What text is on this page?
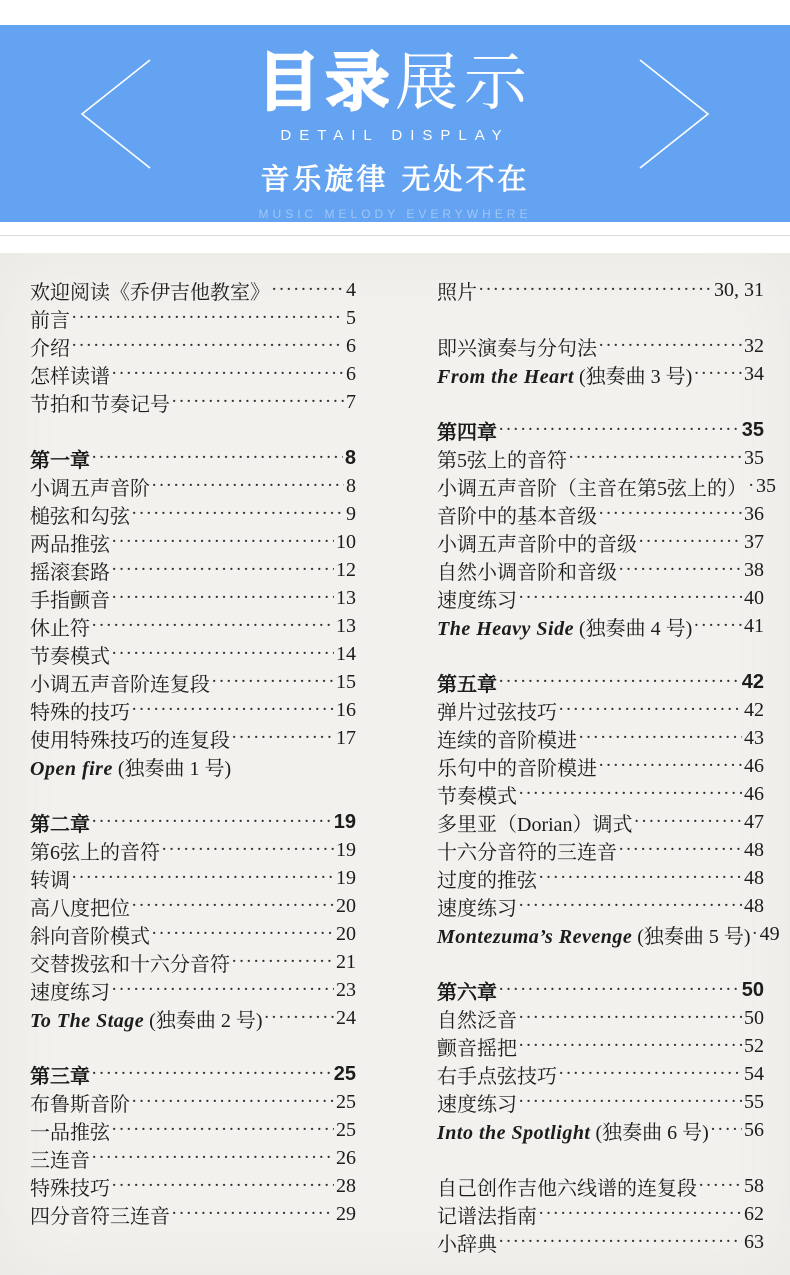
目录展示
DETAIL DISPLAY
音乐旋律 无处不在
MUSIC MELODY EVERYWHERE
欢迎阅读《乔伊吉他教室》 ·····	4
前言 ·····	5
介绍 ·····	6
怎样读谱 ·····	6
节拍和节奏记号 ·····	7
第一章 ·····	8
小调五声音阶 ·····	8
槌弦和勾弦 ·····	9
两品推弦 ·····	10
摇滚套路 ·····	12
手指颤音 ·····	13
休止符 ·····	13
节奏模式 ·····	14
小调五声音阶连复段 ·····	15
特殊的技巧 ·····	16
使用特殊技巧的连复段 ·····	17
Open fire (独奏曲 1 号)
第二章 ·····	19
第6弦上的音符 ·····	19
转调 ·····	19
高八度把位 ·····	20
斜向音阶模式 ·····	20
交替拨弦和十六分音符 ·····	21
速度练习 ·····	23
To The Stage (独奏曲 2 号) ·····	24
第三章 ·····	25
布鲁斯音阶 ·····	25
一品推弦 ·····	25
三连音 ·····	26
特殊技巧 ·····	28
四分音符三连音 ·····	29
照片 ·····	30, 31
即兴演奏与分句法 ·····	32
From the Heart (独奏曲 3 号) ·····	34
第四章 ·····	35
第5弦上的音符 ·····	35
小调五声音阶（主音在第5弦上的） ····· 35
音阶中的基本音级 ·····	36
小调五声音阶中的音级 ·····	37
自然小调音阶和音级 ·····	38
速度练习 ·····	40
The Heavy Side (独奏曲 4 号) ·····	41
第五章 ·····	42
弹片过弦技巧 ·····	42
连续的音阶模进 ·····	43
乐句中的音阶模进 ·····	46
节奏模式 ·····	46
多里亚（Dorian）调式 ·····	47
十六分音符的三连音 ·····	48
过度的推弦 ·····	48
速度练习 ·····	48
Montezuma’s Revenge (独奏曲 5 号) ····· 49
第六章 ·····	50
自然泛音 ·····	50
颤音摇把 ·····	52
右手点弦技巧 ·····	54
速度练习 ·····	55
Into the Spotlight (独奏曲 6 号) ····· 56
自己创作吉他六线谱的连复段 ····· 58
记谱法指南 ·····	62
小辞典 ·····	63
